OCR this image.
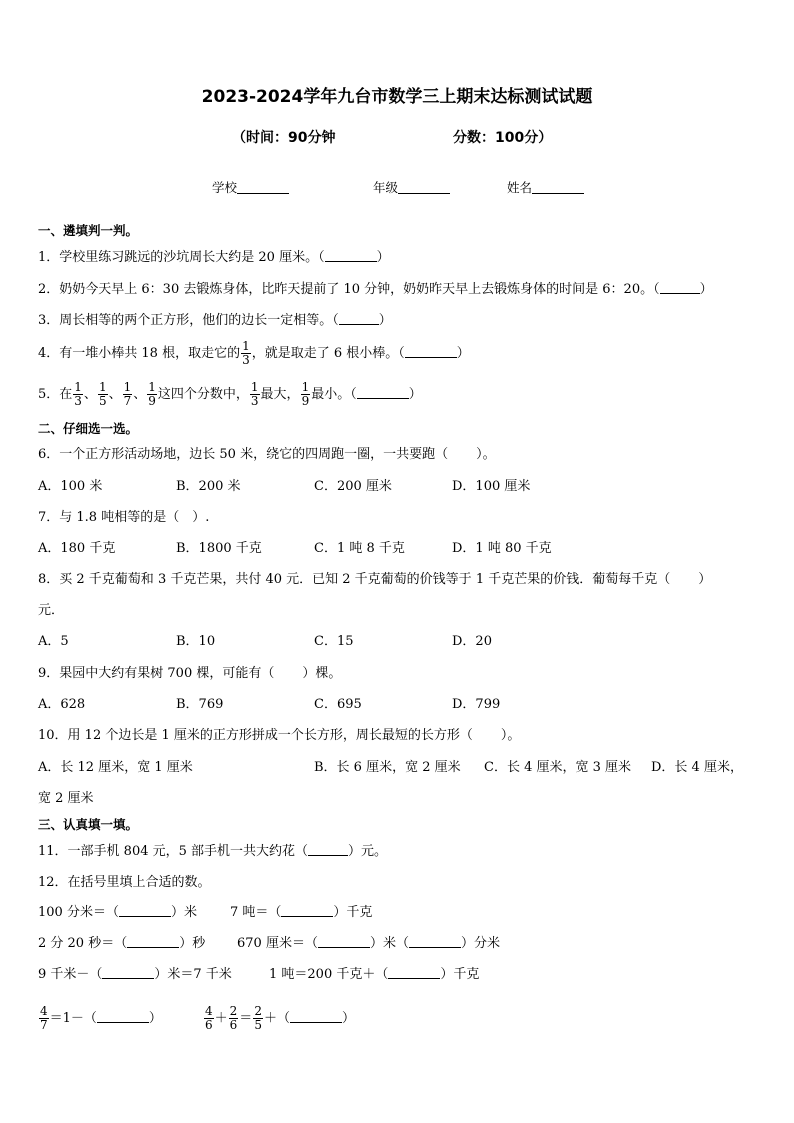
2023-2024学年九台市数学三上期末达标测试试题
（时间：90分钟	分数：100分）
学校	年级	姓名
一、遴填判一判。
1．学校里练习跳远的沙坑周长大约是 20 厘米。（	）
2．奶奶今天早上 6：30 去锻炼身体，比昨天提前了 10 分钟，奶奶昨天早上去锻炼身体的时间是 6：20。（	）
3．周长相等的两个正方形，他们的边长一定相等。（	）
4．有一堆小棒共 18 根，取走它的 $\frac{1}{3}$ ，就是取走了 6 根小棒。（	）
5．在 $\frac{1}{3}$ 、 $\frac{1}{5}$ 、 $\frac{1}{7}$ 、 $\frac{1}{9}$ 这四个分数中， $\frac{1}{3}$ 最大， $\frac{1}{9}$ 最小。（	）
二、仔细选一选。
6．一个正方形活动场地，边长 50 米，绕它的四周跑一圈，一共要跑（ ）。
A．100 米	B．200 米	C．200 厘米	D．100 厘米
7．与 1.8 吨相等的是（　）.
A．180 千克	B．1800 千克	C．1 吨 8 千克	D．1 吨 80 千克
8．买 2 千克葡萄和 3 千克芒果，共付 40 元．已知 2 千克葡萄的价钱等于 1 千克芒果的价钱．葡萄每千克（ ）
元．
A．5	B．10	C．15	D．20
9．果园中大约有果树 700 棵，可能有（ ）棵。
A．628	B．769	C．695	D．799
10．用 12 个边长是 1 厘米的正方形拼成一个长方形，周长最短的长方形（ ）。
A．长 12 厘米，宽 1 厘米	B．长 6 厘米，宽 2 厘米 C．长 4 厘米，宽 3 厘米 D．长 4 厘米，
宽 2 厘米
三、认真填一填。
11．一部手机 804 元，5 部手机一共大约花（	）元。
12．在括号里填上合适的数。
100 分米＝（	）米	7 吨＝（	）千克
2 分 20 秒＝（	）秒 670 厘米＝（	）米（	）分米
9 千米－（	）米＝7 千米	1 吨＝200 千克＋（	）千克
$\frac{4}{7} =1-$（	）	$\frac{4}{6} + \frac{2}{6} = \frac{2}{5}$ ＋（	）
